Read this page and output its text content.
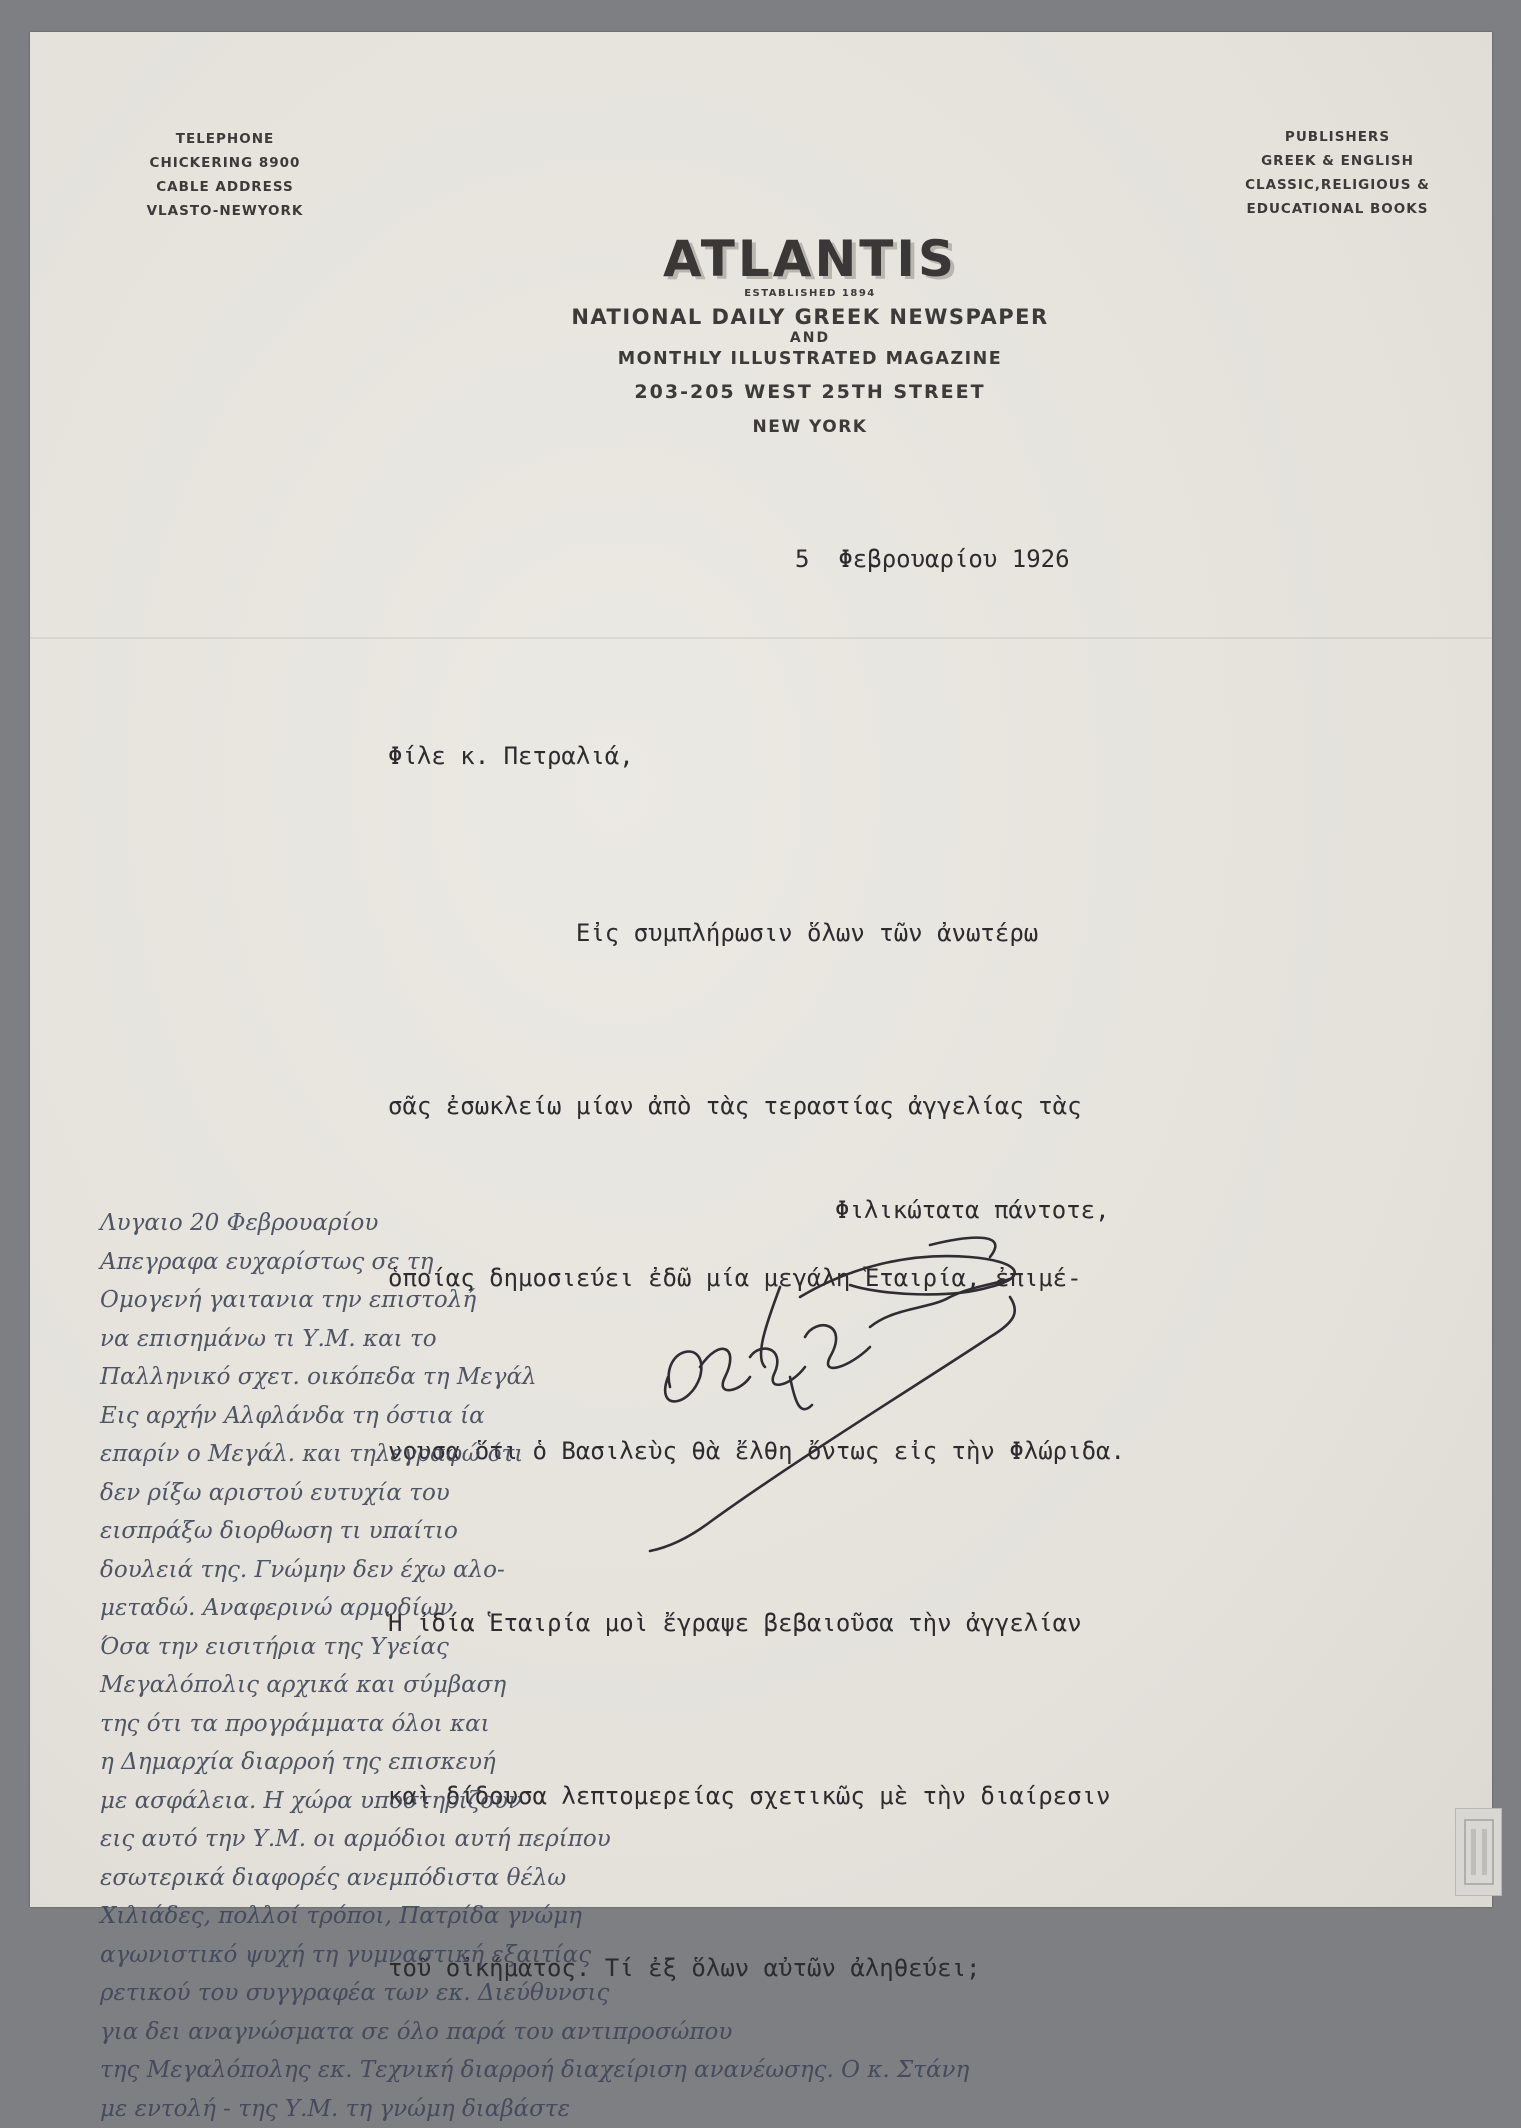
TELEPHONE
CHICKERING 8900
CABLE ADDRESS
VLASTO-NEWYORK
PUBLISHERS
GREEK & ENGLISH
CLASSIC,RELIGIOUS &
EDUCATIONAL BOOKS
ATLANTIS
ESTABLISHED 1894
NATIONAL DAILY GREEK NEWSPAPER
AND
MONTHLY ILLUSTRATED MAGAZINE
203-205 WEST 25TH STREET
NEW YORK
5  Φεβρουαρίου 1926
Φίλε κ. Πετραλιά,

Εἰς συμπλήρωσιν ὅλων τῶν ἀνωτέρω

σᾶς ἐσωκλείω μίαν ἀπὸ τὰς τεραστίας ἀγγελίας τὰς

ὁποίας δημοσιεύει ἐδῶ μία μεγάλη Ἑταιρία, ἐπιμέ-

νουσα ὅτι ὁ Βασιλεὺς θὰ ἔλθη ὄντως εἰς τὴν Φλώριδα.

Ἡ ἰδία Ἑταιρία μοὶ ἔγραψε βεβαιοῦσα τὴν ἀγγελίαν

καὶ δίδουσα λεπτομερείας σχετικῶς μὲ τὴν διαίρεσιν

τοῦ οἰκήματος. Τί ἐξ ὅλων αὐτῶν ἀληθεύει;

Φιλικώτατα πάντοτε,
Λυγαιο 20 Φεβρουαρίου
Απεγραφα ευχαρίστως σε τη
Ομογενή γαιτανια την επιστολή
να επισημάνω τι Υ.Μ. και το
Παλληνικό σχετ. οικόπεδα τη Μεγάλ
Εις αρχήν Αλφλάνδα τη όστια ία
επαρίν ο Μεγάλ. και τηλεγραφώ ότι
δεν ρίξω αριστού ευτυχία του
εισπράξω διορθωση τι υπαίτιο
δουλειά της. Γνώμην δεν έχω αλο-
μεταδώ. Αναφερινώ αρμοδίων
Όσα την εισιτήρια της Υγείας
Μεγαλόπολις αρχικά και σύμβαση
της ότι τα προγράμματα όλοι και
η Δημαρχία διαρροή της επισκευή
με ασφάλεια. Η χώρα υποστηρίζουν
εις αυτό την Υ.Μ. οι αρμόδιοι αυτή περίπου
εσωτερικά διαφορές ανεμπόδιστα θέλω
Χιλιάδες, πολλοί τρόποι, Πατρίδα γνώμη
αγωνιστικό ψυχή τη γυμναστική εξαιτίας
ρετικού του συγγραφέα των εκ. Διεύθυνσις
για δει αναγνώσματα σε όλο παρά του αντιπροσώπου
της Μεγαλόπολης εκ. Τεχνική διαρροή διαχείριση ανανέωσης. Ο κ. Στάνη
με εντολή - της Υ.Μ. τη γνώμη διαβάστε
